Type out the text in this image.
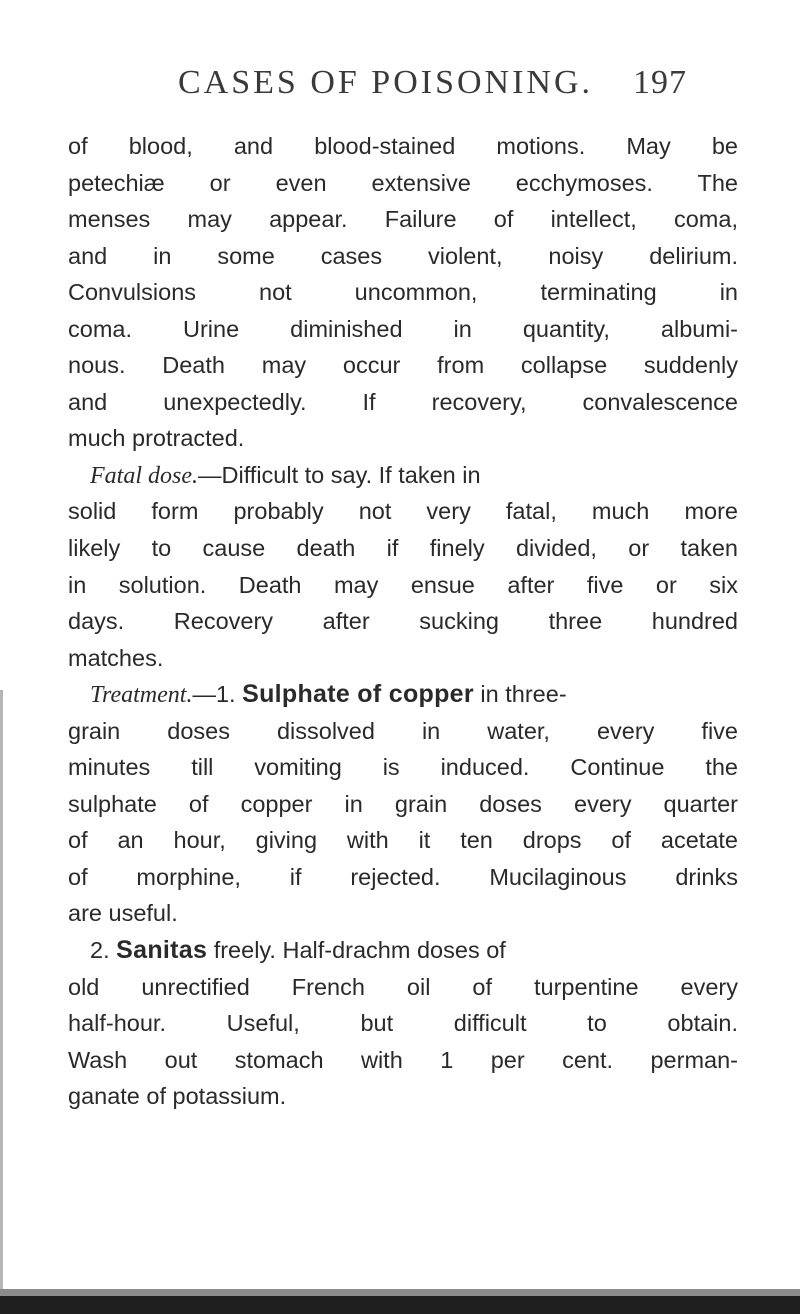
CASES OF POISONING. 197
of blood, and blood-stained motions. May be
petechiæ or even extensive ecchymoses. The
menses may appear. Failure of intellect, coma,
and in some cases violent, noisy delirium.
Convulsions not uncommon, terminating in
coma. Urine diminished in quantity, albumi-
nous. Death may occur from collapse suddenly
and unexpectedly. If recovery, convalescence
much protracted.
Fatal dose.—Difficult to say. If taken in
solid form probably not very fatal, much more
likely to cause death if finely divided, or taken
in solution. Death may ensue after five or six
days. Recovery after sucking three hundred
matches.
Treatment.—1. Sulphate of copper in three-
grain doses dissolved in water, every five
minutes till vomiting is induced. Continue the
sulphate of copper in grain doses every quarter
of an hour, giving with it ten drops of acetate
of morphine, if rejected. Mucilaginous drinks
are useful.
2. Sanitas freely. Half-drachm doses of
old unrectified French oil of turpentine every
half-hour. Useful, but difficult to obtain.
Wash out stomach with 1 per cent. perman-
ganate of potassium.
